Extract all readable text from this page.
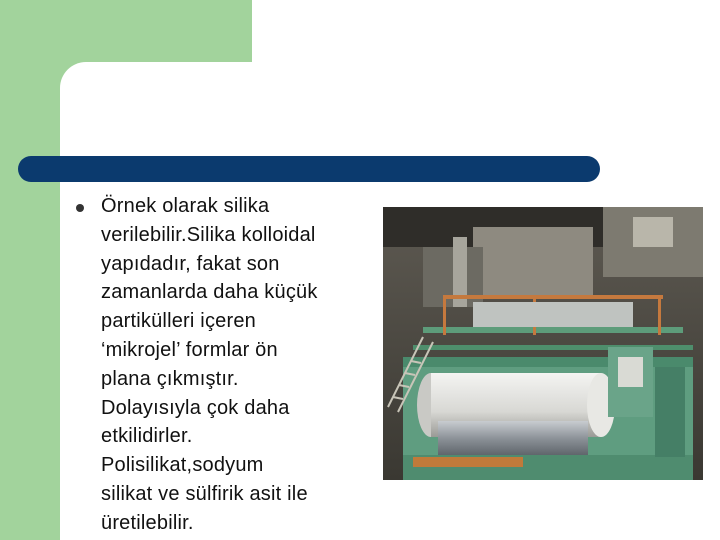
Örnek olarak silika
verilebilir.Silika kolloidal
yapıdadır, fakat son
zamanlarda daha küçük
partikülleri içeren
‘mikrojel’ formlar ön
plana çıkmıştır.
Dolayısıyla çok daha
etkilidirler.
Polisilikat,sodyum
silikat ve sülfirik asit ile
üretilebilir.
